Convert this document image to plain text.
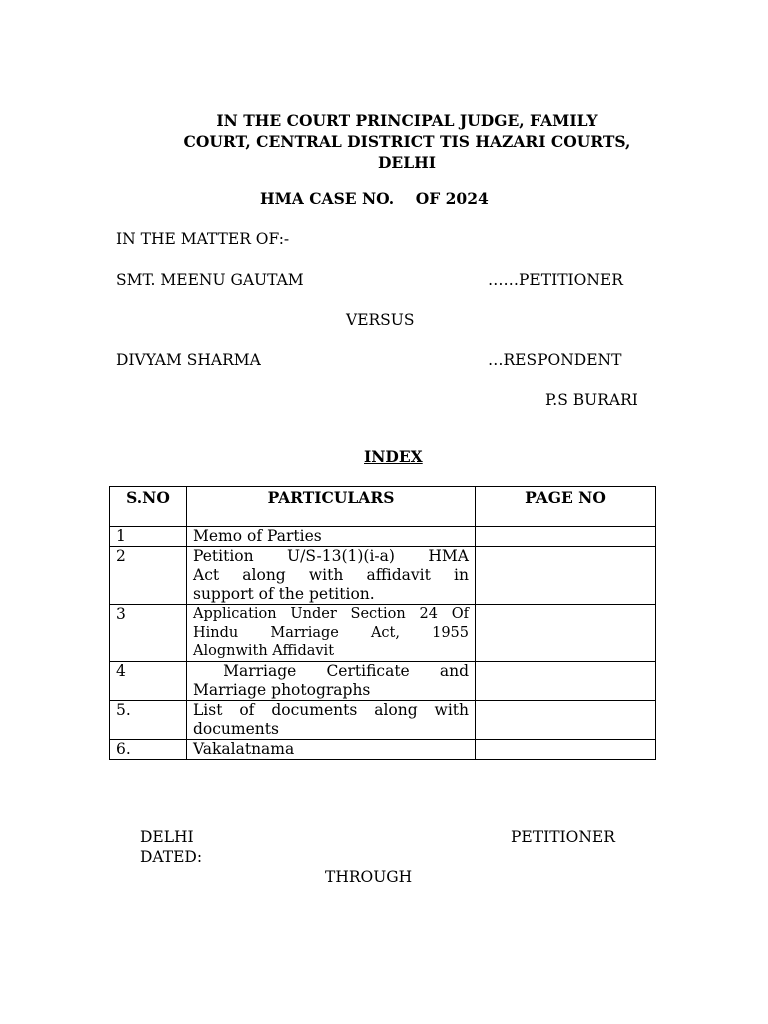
IN THE COURT PRINCIPAL JUDGE, FAMILY
COURT, CENTRAL DISTRICT TIS HAZARI COURTS,
DELHI
HMA CASE NO.    OF 2024
IN THE MATTER OF:-
SMT. MEENU GAUTAM	……PETITIONER
VERSUS
DIVYAM SHARMA	…RESPONDENT
P.S BURARI
INDEX
S.NO	PARTICULARS	PAGE NO
1	Memo of Parties	

2	Petition U/S-13(1)(i-a) HMA
Act along with affidavit in
support of the petition.	

3	Application Under Section 24 Of
Hindu Marriage Act, 1955
Alognwith Affidavit	

4	Marriage Certificate and
Marriage photographs	

5.	List of documents along with
documents	

6.	Vakalatnama	

DELHI
DATED:
PETITIONER
THROUGH
